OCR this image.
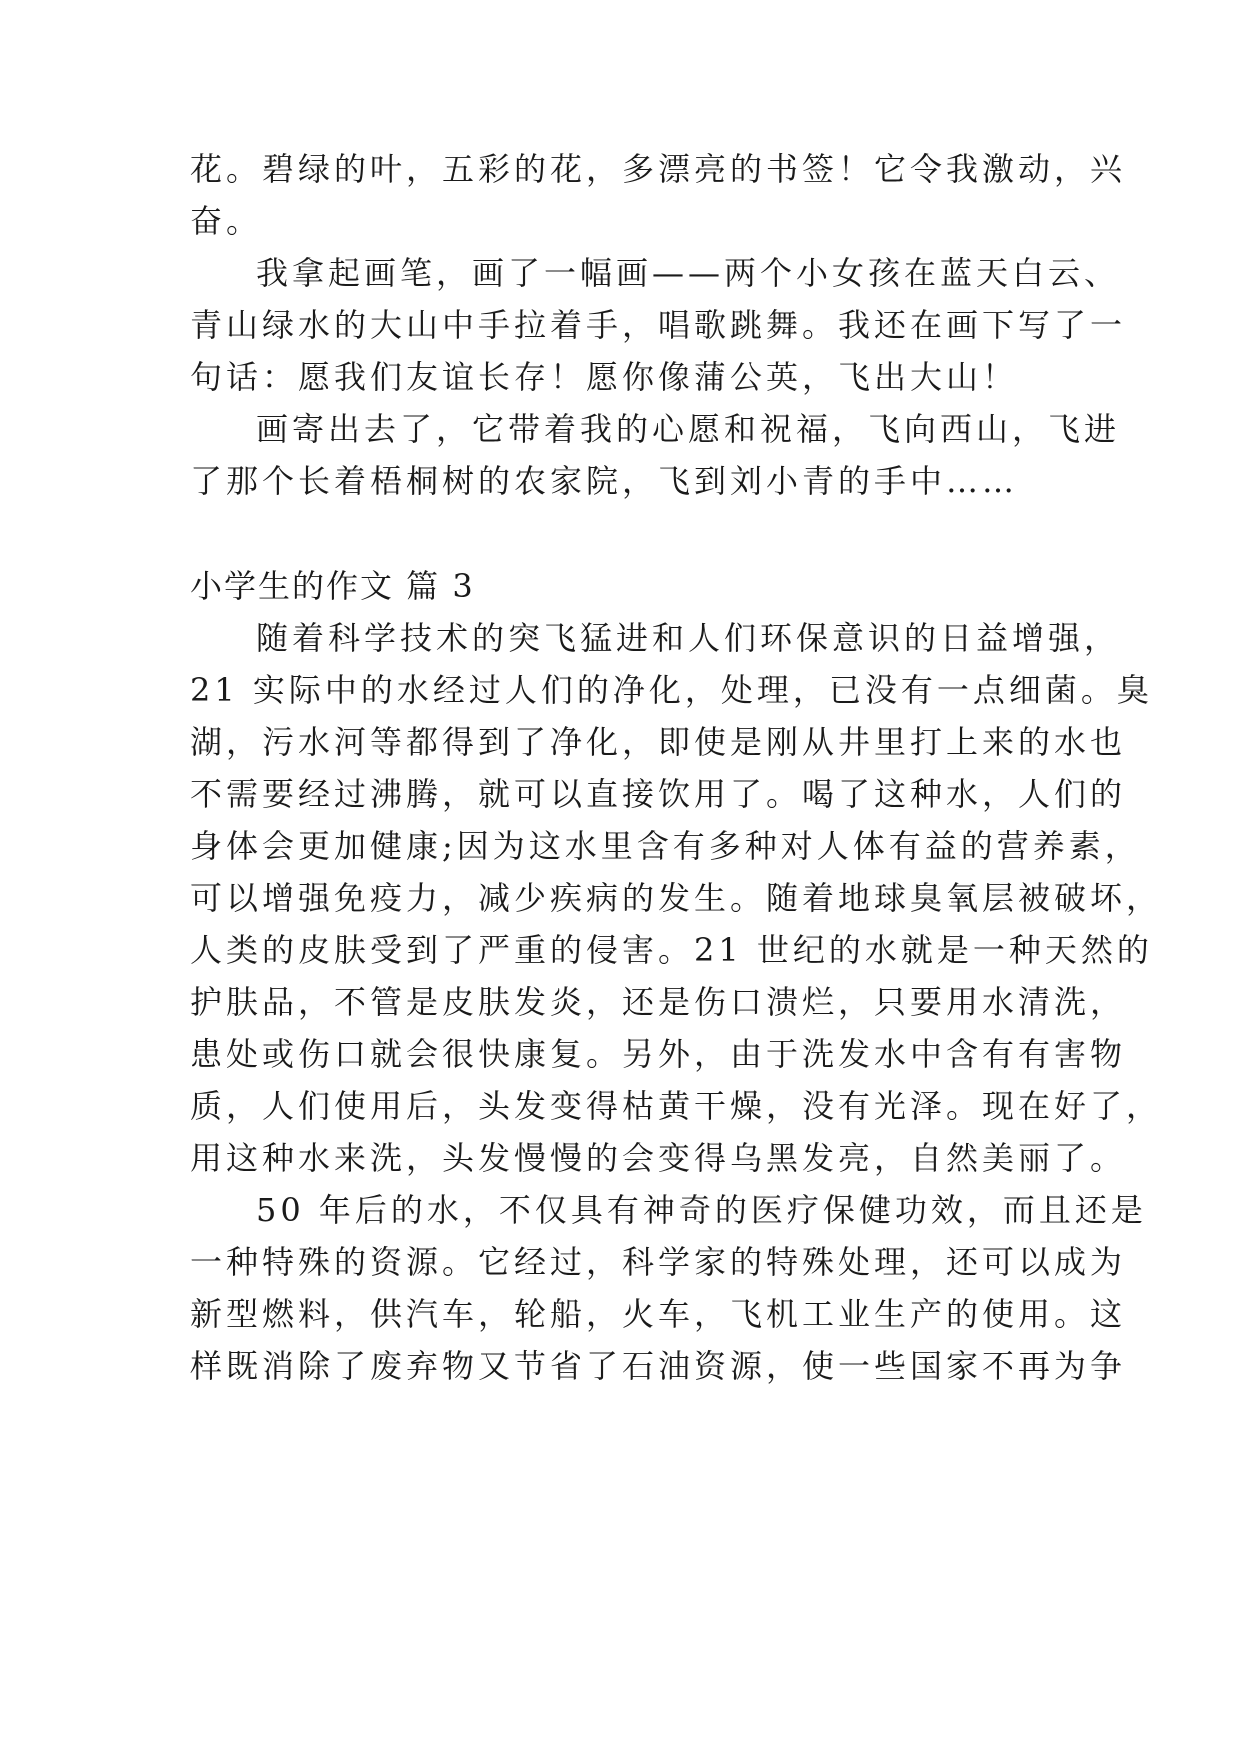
花。碧绿的叶，五彩的花，多漂亮的书签！它令我激动，兴
奋。
我拿起画笔，画了一幅画——两个小女孩在蓝天白云、
青山绿水的大山中手拉着手，唱歌跳舞。我还在画下写了一
句话：愿我们友谊长存！愿你像蒲公英，飞出大山！
画寄出去了，它带着我的心愿和祝福，飞向西山，飞进
了那个长着梧桐树的农家院，飞到刘小青的手中……
小学生的作文 篇 3
随着科学技术的突飞猛进和人们环保意识的日益增强，
21 实际中的水经过人们的净化，处理，已没有一点细菌。臭
湖，污水河等都得到了净化，即使是刚从井里打上来的水也
不需要经过沸腾，就可以直接饮用了。喝了这种水，人们的
身体会更加健康;因为这水里含有多种对人体有益的营养素，
可以增强免疫力，减少疾病的发生。随着地球臭氧层被破坏，
人类的皮肤受到了严重的侵害。21 世纪的水就是一种天然的
护肤品，不管是皮肤发炎，还是伤口溃烂，只要用水清洗，
患处或伤口就会很快康复。另外，由于洗发水中含有有害物
质，人们使用后，头发变得枯黄干燥，没有光泽。现在好了，
用这种水来洗，头发慢慢的会变得乌黑发亮，自然美丽了。
50 年后的水，不仅具有神奇的医疗保健功效，而且还是
一种特殊的资源。它经过，科学家的特殊处理，还可以成为
新型燃料，供汽车，轮船，火车，飞机工业生产的使用。这
样既消除了废弃物又节省了石油资源，使一些国家不再为争
